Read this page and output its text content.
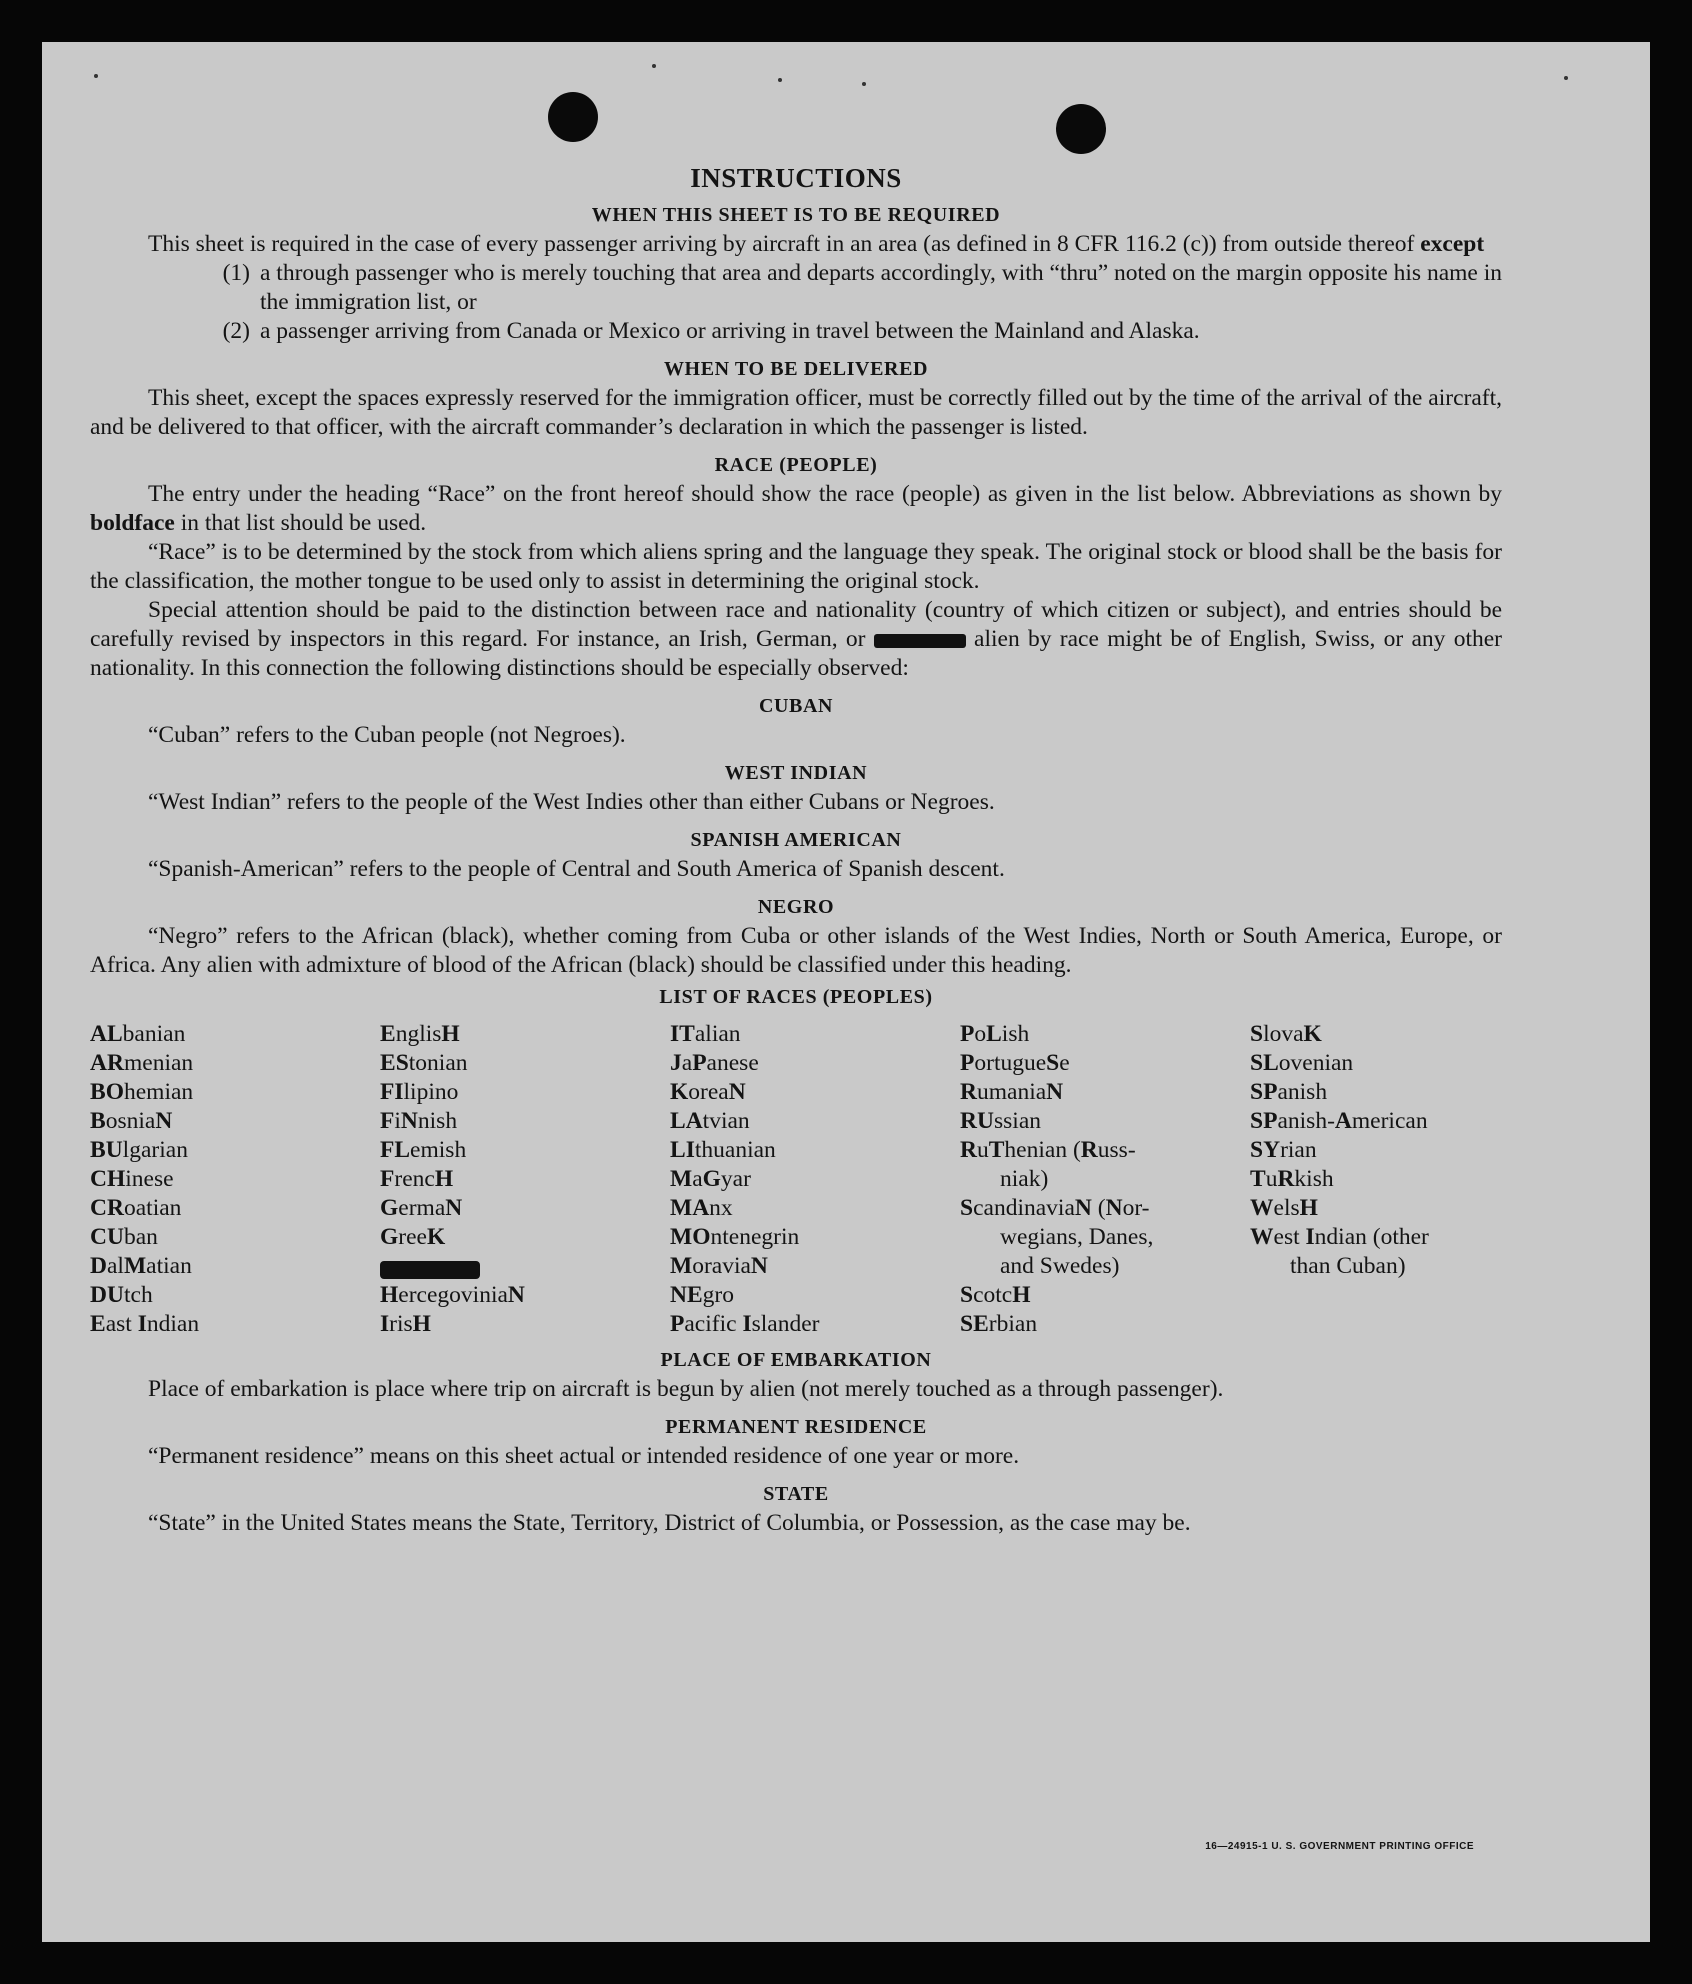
INSTRUCTIONS
WHEN THIS SHEET IS TO BE REQUIRED
This sheet is required in the case of every passenger arriving by aircraft in an area (as defined in 8 CFR 116.2 (c)) from outside thereof except
(1) a through passenger who is merely touching that area and departs accordingly, with “thru” noted on the margin opposite his name in the immigration list, or
(2) a passenger arriving from Canada or Mexico or arriving in travel between the Mainland and Alaska.
WHEN TO BE DELIVERED
This sheet, except the spaces expressly reserved for the immigration officer, must be correctly filled out by the time of the arrival of the aircraft, and be delivered to that officer, with the aircraft commander’s declaration in which the passenger is listed.
RACE (PEOPLE)
The entry under the heading “Race” on the front hereof should show the race (people) as given in the list below. Abbreviations as shown by boldface in that list should be used.
“Race” is to be determined by the stock from which aliens spring and the language they speak. The original stock or blood shall be the basis for the classification, the mother tongue to be used only to assist in determining the original stock.
Special attention should be paid to the distinction between race and nationality (country of which citizen or subject), and entries should be carefully revised by inspectors in this regard. For instance, an Irish, German, or	alien by race might be of English, Swiss, or any other nationality. In this connection the following distinctions should be especially observed:
CUBAN
“Cuban” refers to the Cuban people (not Negroes).
WEST INDIAN
“West Indian” refers to the people of the West Indies other than either Cubans or Negroes.
SPANISH AMERICAN
“Spanish-American” refers to the people of Central and South America of Spanish descent.
NEGRO
“Negro” refers to the African (black), whether coming from Cuba or other islands of the West Indies, North or South America, Europe, or Africa. Any alien with admixture of blood of the African (black) should be classified under this heading.
LIST OF RACES (PEOPLES)
ALbanian
ARmenian
BOhemian
BosniaN
BUlgarian
CHinese
CRoatian
CUban
DalMatian
DUtch
East Indian
EnglisH
EStonian
FIlipino
FiNnish
FLemish
FrencH
GermaN
GreeK
HercegoviniaN
IrisH
ITalian
JaPanese
KoreaN
LAtvian
LIthuanian
MaGyar
MAnx
MOntenegrin
MoraviaN
NEgro
Pacific Islander
PoLish
PortugueSe
RumaniaN
RUssian
RuThenian (Russ-
niak)
ScandinaviaN (Nor-
wegians, Danes,
and Swedes)
ScotcH
SErbian
SlovaK
SLovenian
SPanish
SPanish-American
SYrian
TuRkish
WelsH
West Indian (other
than Cuban)
PLACE OF EMBARKATION
Place of embarkation is place where trip on aircraft is begun by alien (not merely touched as a through passenger).
PERMANENT RESIDENCE
“Permanent residence” means on this sheet actual or intended residence of one year or more.
STATE
“State” in the United States means the State, Territory, District of Columbia, or Possession, as the case may be.
16—24915-1 U. S. GOVERNMENT PRINTING OFFICE
